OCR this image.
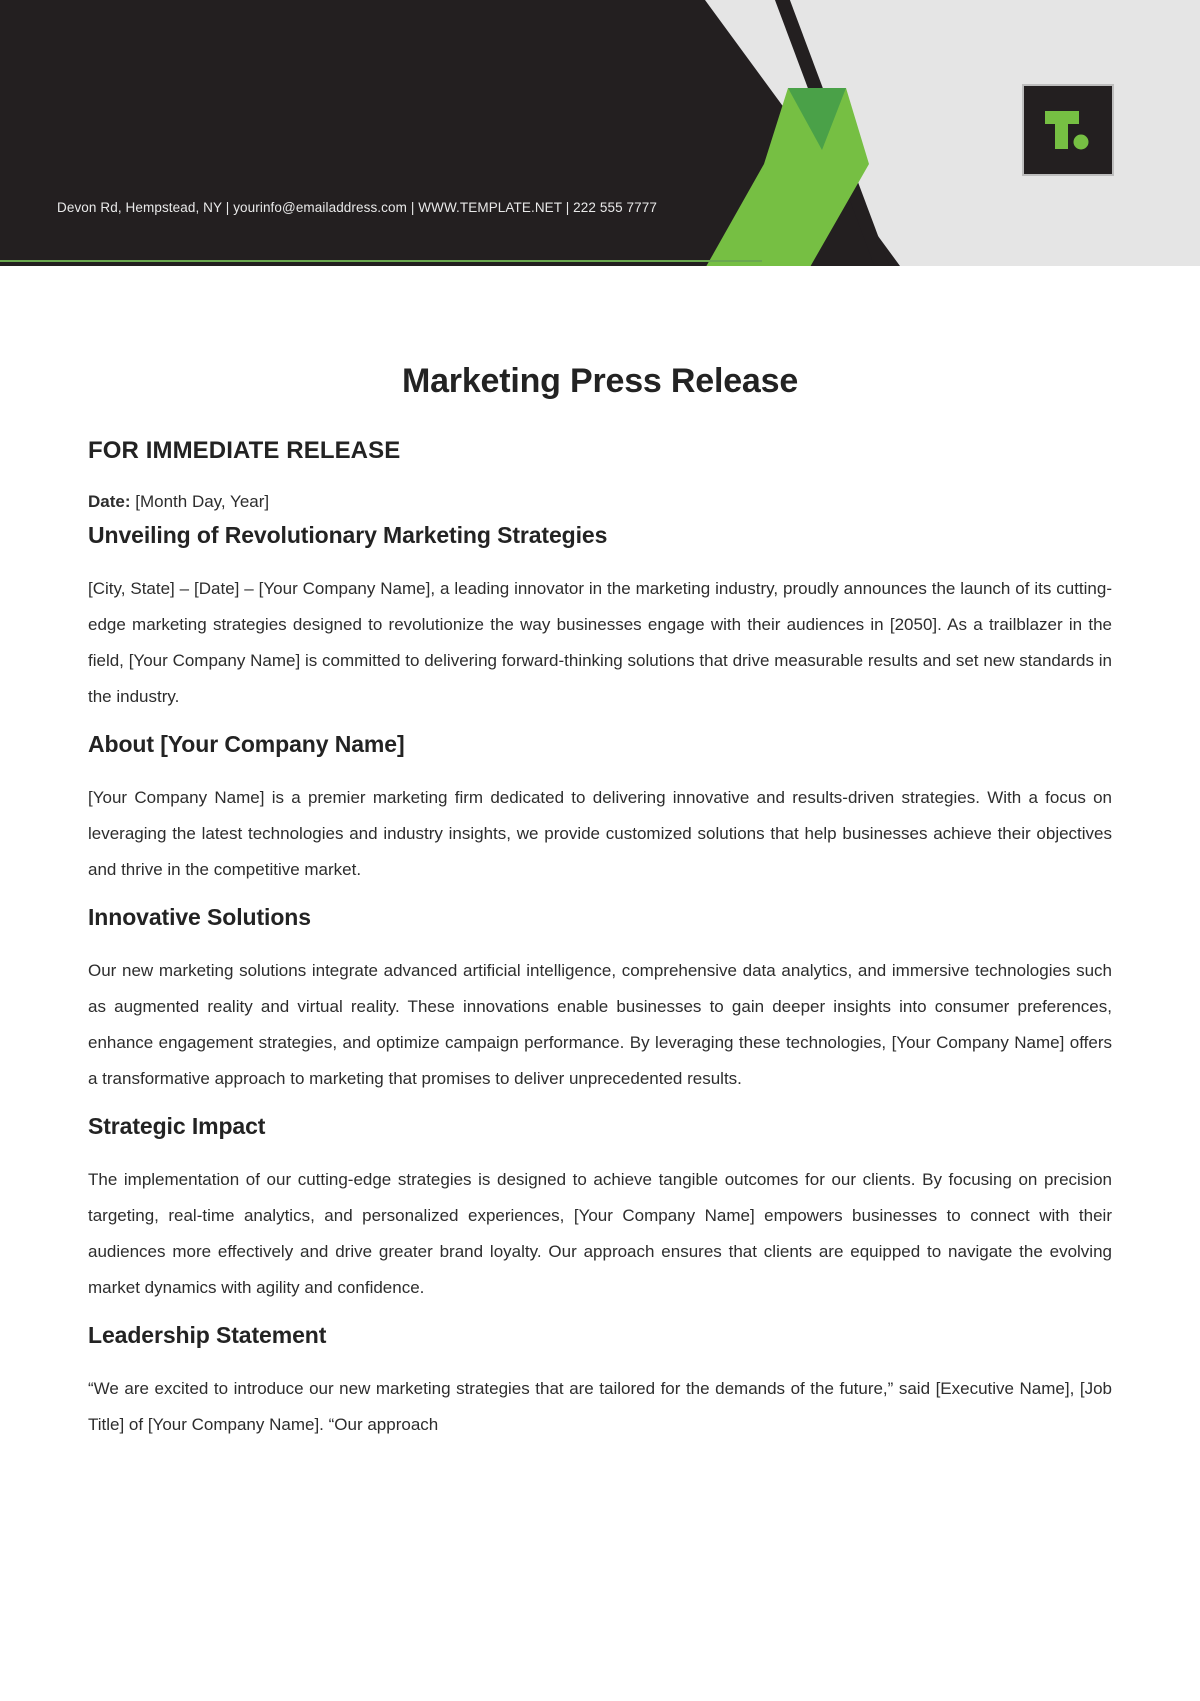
Devon Rd, Hempstead, NY | yourinfo@emailaddress.com | WWW.TEMPLATE.NET | 222 555 7777
Marketing Press Release
FOR IMMEDIATE RELEASE

Date: [Month Day, Year]

Unveiling of Revolutionary Marketing Strategies

[City, State] – [Date] – [Your Company Name], a leading innovator in the marketing industry, proudly announces the launch of its cutting-edge marketing strategies designed to revolutionize the way businesses engage with their audiences in [2050]. As a trailblazer in the field, [Your Company Name] is committed to delivering forward-thinking solutions that drive measurable results and set new standards in the industry.

About [Your Company Name]

[Your Company Name] is a premier marketing firm dedicated to delivering innovative and results-driven strategies. With a focus on leveraging the latest technologies and industry insights, we provide customized solutions that help businesses achieve their objectives and thrive in the competitive market.

Innovative Solutions

Our new marketing solutions integrate advanced artificial intelligence, comprehensive data analytics, and immersive technologies such as augmented reality and virtual reality. These innovations enable businesses to gain deeper insights into consumer preferences, enhance engagement strategies, and optimize campaign performance. By leveraging these technologies, [Your Company Name] offers a transformative approach to marketing that promises to deliver unprecedented results.

Strategic Impact

The implementation of our cutting-edge strategies is designed to achieve tangible outcomes for our clients. By focusing on precision targeting, real-time analytics, and personalized experiences, [Your Company Name] empowers businesses to connect with their audiences more effectively and drive greater brand loyalty. Our approach ensures that clients are equipped to navigate the evolving market dynamics with agility and confidence.

Leadership Statement

“We are excited to introduce our new marketing strategies that are tailored for the demands of the future,” said [Executive Name], [Job Title] of [Your Company Name]. “Our approach
